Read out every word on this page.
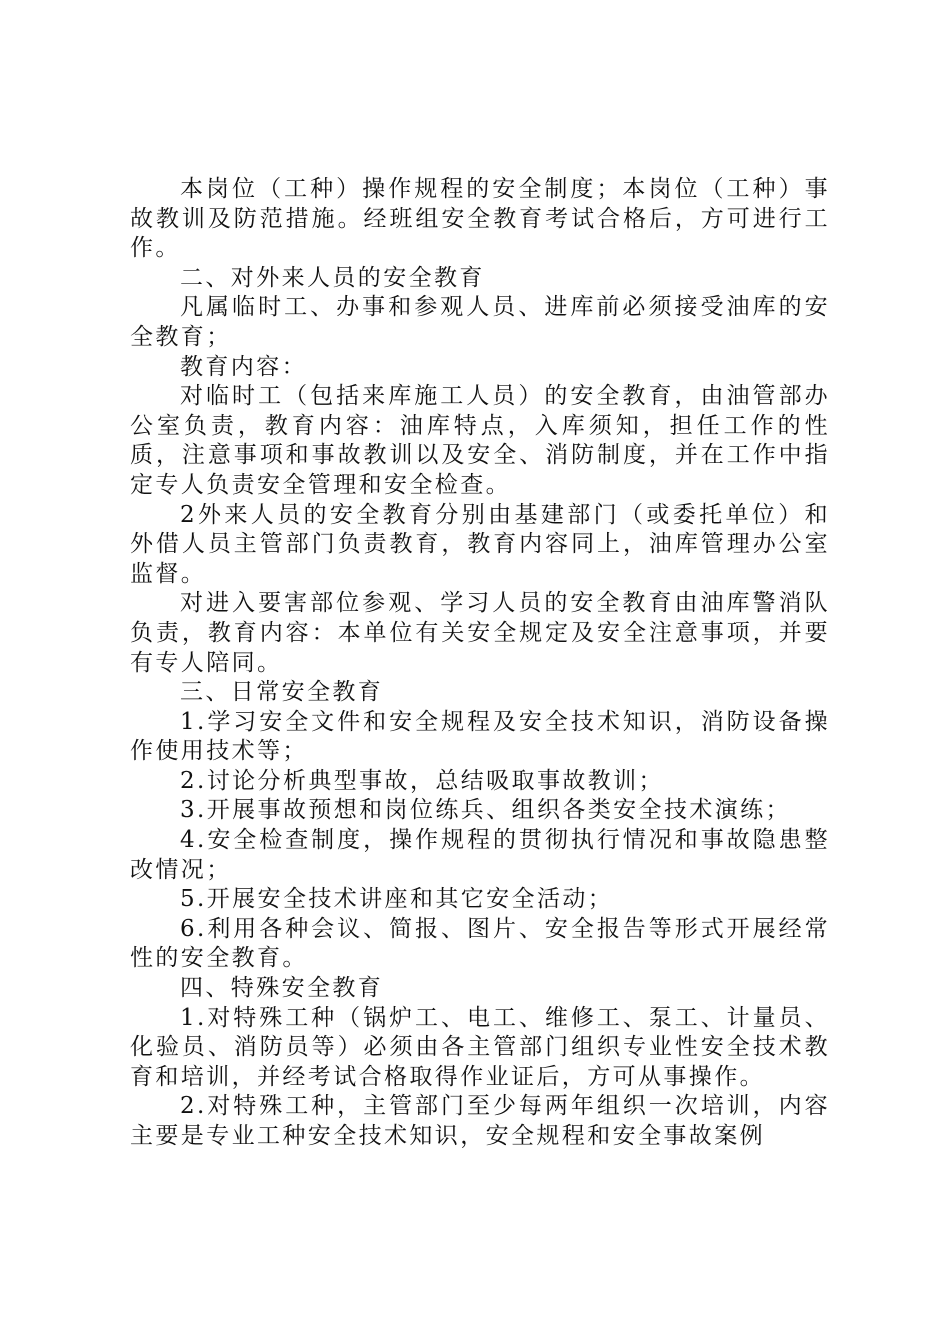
本岗位（工种）操作规程的安全制度；本岗位（工种）事故教训及防范措施。经班组安全教育考试合格后，方可进行工作。

二、对外来人员的安全教育

凡属临时工、办事和参观人员、进库前必须接受油库的安全教育；

教育内容：

对临时工（包括来库施工人员）的安全教育，由油管部办公室负责，教育内容：油库特点，入库须知，担任工作的性质，注意事项和事故教训以及安全、消防制度，并在工作中指定专人负责安全管理和安全检查。

2外来人员的安全教育分别由基建部门（或委托单位）和外借人员主管部门负责教育，教育内容同上，油库管理办公室监督。

对进入要害部位参观、学习人员的安全教育由油库警消队负责，教育内容：本单位有关安全规定及安全注意事项，并要有专人陪同。

三、日常安全教育

1.学习安全文件和安全规程及安全技术知识，消防设备操作使用技术等；

2.讨论分析典型事故，总结吸取事故教训；

3.开展事故预想和岗位练兵、组织各类安全技术演练；

4.安全检查制度，操作规程的贯彻执行情况和事故隐患整改情况；

5.开展安全技术讲座和其它安全活动；

6.利用各种会议、简报、图片、安全报告等形式开展经常性的安全教育。

四、特殊安全教育

1.对特殊工种（锅炉工、电工、维修工、泵工、计量员、化验员、消防员等）必须由各主管部门组织专业性安全技术教育和培训，并经考试合格取得作业证后，方可从事操作。

2.对特殊工种，主管部门至少每两年组织一次培训，内容主要是专业工种安全技术知识，安全规程和安全事故案例
